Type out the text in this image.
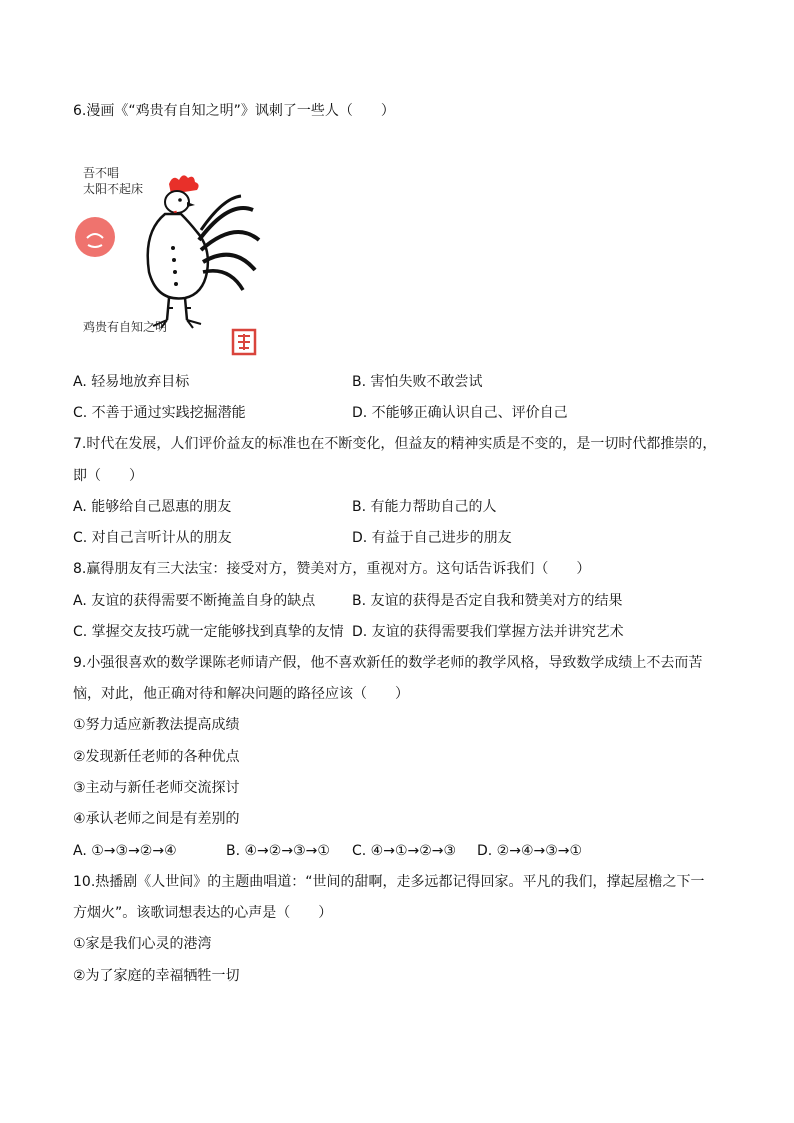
6.漫画《“鸡贵有自知之明”》讽刺了一些人（　　）
吾不唱
太阳不起床
鸡贵有自知之明
A. 轻易地放弃目标	B. 害怕失败不敢尝试
C. 不善于通过实践挖掘潜能	D. 不能够正确认识自己、评价自己
7.时代在发展，人们评价益友的标准也在不断变化，但益友的精神实质是不变的，是一切时代都推崇的，
即（　　）
A. 能够给自己恩惠的朋友	B. 有能力帮助自己的人
C. 对自己言听计从的朋友	D. 有益于自己进步的朋友
8.赢得朋友有三大法宝：接受对方，赞美对方，重视对方。这句话告诉我们（　　）
A. 友谊的获得需要不断掩盖自身的缺点	B. 友谊的获得是否定自我和赞美对方的结果
C. 掌握交友技巧就一定能够找到真挚的友情 D. 友谊的获得需要我们掌握方法并讲究艺术
9.小强很喜欢的数学课陈老师请产假，他不喜欢新任的数学老师的教学风格，导致数学成绩上不去而苦
恼，对此，他正确对待和解决问题的路径应该（　　）
①努力适应新教法提高成绩
②发现新任老师的各种优点
③主动与新任老师交流探讨
④承认老师之间是有差别的
A. ①→③→②→④	B. ④→②→③→① C. ④→①→②→③ D. ②→④→③→①
10.热播剧《人世间》的主题曲唱道：“世间的甜啊，走多远都记得回家。平凡的我们，撑起屋檐之下一
方烟火”。该歌词想表达的心声是（　　）
①家是我们心灵的港湾
②为了家庭的幸福牺牲一切
